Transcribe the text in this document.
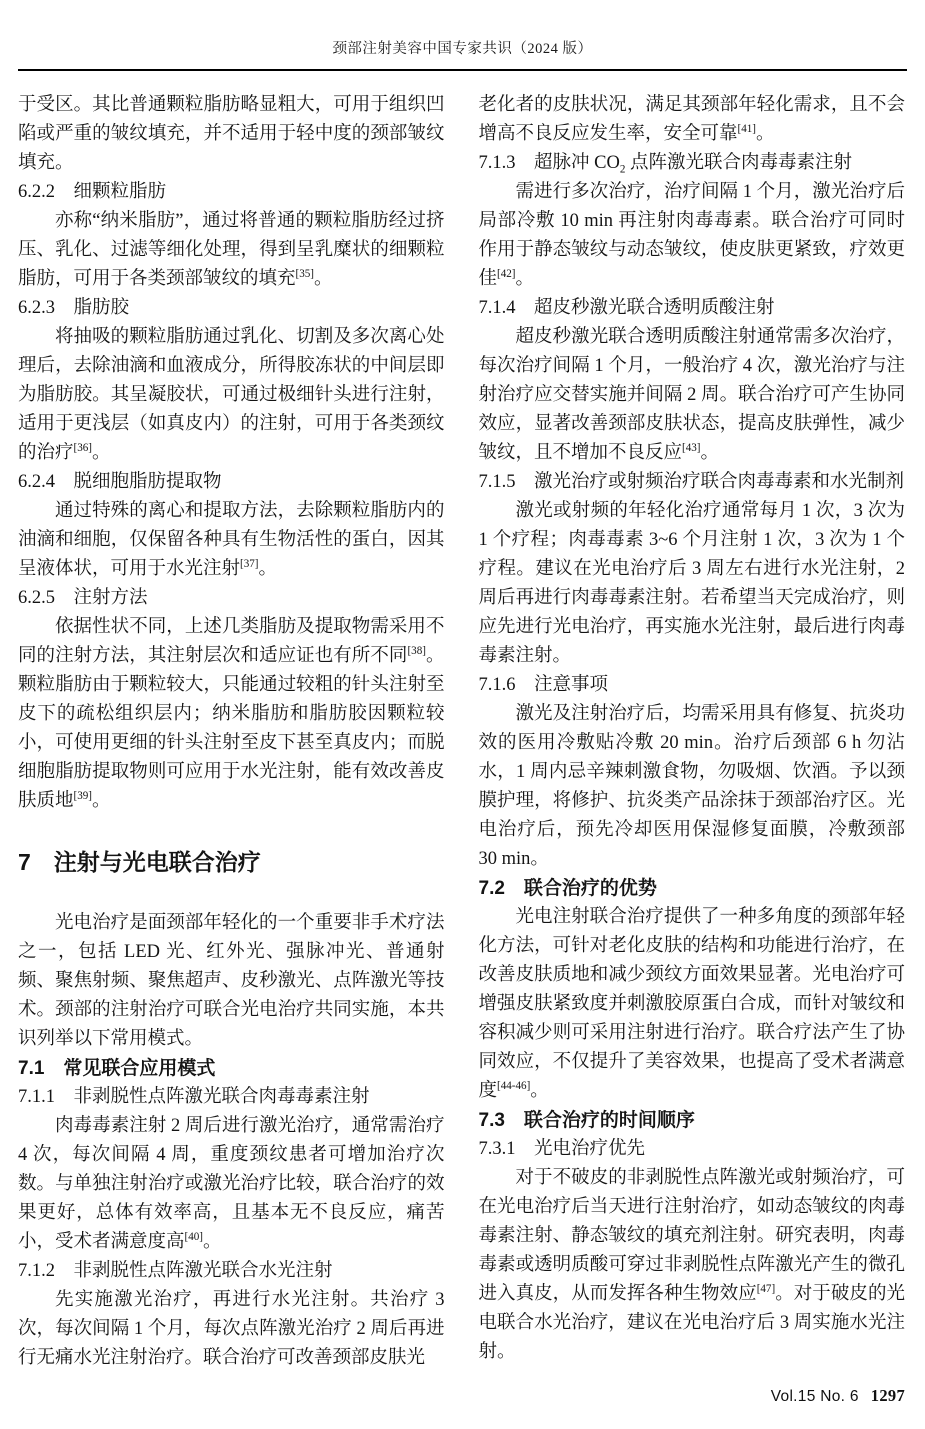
颈部注射美容中国专家共识（2024 版）
于受区。其比普通颗粒脂肪略显粗大，可用于组织凹陷或严重的皱纹填充，并不适用于轻中度的颈部皱纹填充。
6.2.2　细颗粒脂肪
亦称“纳米脂肪”，通过将普通的颗粒脂肪经过挤压、乳化、过滤等细化处理，得到呈乳糜状的细颗粒脂肪，可用于各类颈部皱纹的填充[35]。
6.2.3　脂肪胶
将抽吸的颗粒脂肪通过乳化、切割及多次离心处理后，去除油滴和血液成分，所得胶冻状的中间层即为脂肪胶。其呈凝胶状，可通过极细针头进行注射，适用于更浅层（如真皮内）的注射，可用于各类颈纹的治疗[36]。
6.2.4　脱细胞脂肪提取物
通过特殊的离心和提取方法，去除颗粒脂肪内的油滴和细胞，仅保留各种具有生物活性的蛋白，因其呈液体状，可用于水光注射[37]。
6.2.5　注射方法
依据性状不同，上述几类脂肪及提取物需采用不同的注射方法，其注射层次和适应证也有所不同[38]。颗粒脂肪由于颗粒较大，只能通过较粗的针头注射至皮下的疏松组织层内；纳米脂肪和脂肪胶因颗粒较小，可使用更细的针头注射至皮下甚至真皮内；而脱细胞脂肪提取物则可应用于水光注射，能有效改善皮肤质地[39]。
7　注射与光电联合治疗
光电治疗是面颈部年轻化的一个重要非手术疗法之一，包括 LED 光、红外光、强脉冲光、普通射频、聚焦射频、聚焦超声、皮秒激光、点阵激光等技术。颈部的注射治疗可联合光电治疗共同实施，本共识列举以下常用模式。
7.1　常见联合应用模式
7.1.1　非剥脱性点阵激光联合肉毒毒素注射
肉毒毒素注射 2 周后进行激光治疗，通常需治疗 4 次，每次间隔 4 周，重度颈纹患者可增加治疗次数。与单独注射治疗或激光治疗比较，联合治疗的效果更好，总体有效率高，且基本无不良反应，痛苦小，受术者满意度高[40]。
7.1.2　非剥脱性点阵激光联合水光注射
先实施激光治疗，再进行水光注射。共治疗 3 次，每次间隔 1 个月，每次点阵激光治疗 2 周后再进行无痛水光注射治疗。联合治疗可改善颈部皮肤光
老化者的皮肤状况，满足其颈部年轻化需求，且不会增高不良反应发生率，安全可靠[41]。
7.1.3　超脉冲 $CO_2$ 点阵激光联合肉毒毒素注射
需进行多次治疗，治疗间隔 1 个月，激光治疗后局部冷敷 10 min 再注射肉毒毒素。联合治疗可同时作用于静态皱纹与动态皱纹，使皮肤更紧致，疗效更佳[42]。
7.1.4　超皮秒激光联合透明质酸注射
超皮秒激光联合透明质酸注射通常需多次治疗，每次治疗间隔 1 个月，一般治疗 4 次，激光治疗与注射治疗应交替实施并间隔 2 周。联合治疗可产生协同效应，显著改善颈部皮肤状态，提高皮肤弹性，减少皱纹，且不增加不良反应[43]。
7.1.5　激光治疗或射频治疗联合肉毒毒素和水光制剂
激光或射频的年轻化治疗通常每月 1 次，3 次为 1 个疗程；肉毒毒素 3~6 个月注射 1 次，3 次为 1 个疗程。建议在光电治疗后 3 周左右进行水光注射，2 周后再进行肉毒毒素注射。若希望当天完成治疗，则应先进行光电治疗，再实施水光注射，最后进行肉毒毒素注射。
7.1.6　注意事项
激光及注射治疗后，均需采用具有修复、抗炎功效的医用冷敷贴冷敷 20 min。治疗后颈部 6 h 勿沾水，1 周内忌辛辣刺激食物，勿吸烟、饮酒。予以颈膜护理，将修护、抗炎类产品涂抹于颈部治疗区。光电治疗后，预先冷却医用保湿修复面膜，冷敷颈部 30 min。
7.2　联合治疗的优势
光电注射联合治疗提供了一种多角度的颈部年轻化方法，可针对老化皮肤的结构和功能进行治疗，在改善皮肤质地和减少颈纹方面效果显著。光电治疗可增强皮肤紧致度并刺激胶原蛋白合成，而针对皱纹和容积减少则可采用注射进行治疗。联合疗法产生了协同效应，不仅提升了美容效果，也提高了受术者满意度[44-46]。
7.3　联合治疗的时间顺序
7.3.1　光电治疗优先
对于不破皮的非剥脱性点阵激光或射频治疗，可在光电治疗后当天进行注射治疗，如动态皱纹的肉毒毒素注射、静态皱纹的填充剂注射。研究表明，肉毒毒素或透明质酸可穿过非剥脱性点阵激光产生的微孔进入真皮，从而发挥各种生物效应[47]。对于破皮的光电联合水光治疗，建议在光电治疗后 3 周实施水光注射。
Vol.15 No. 6 1297
